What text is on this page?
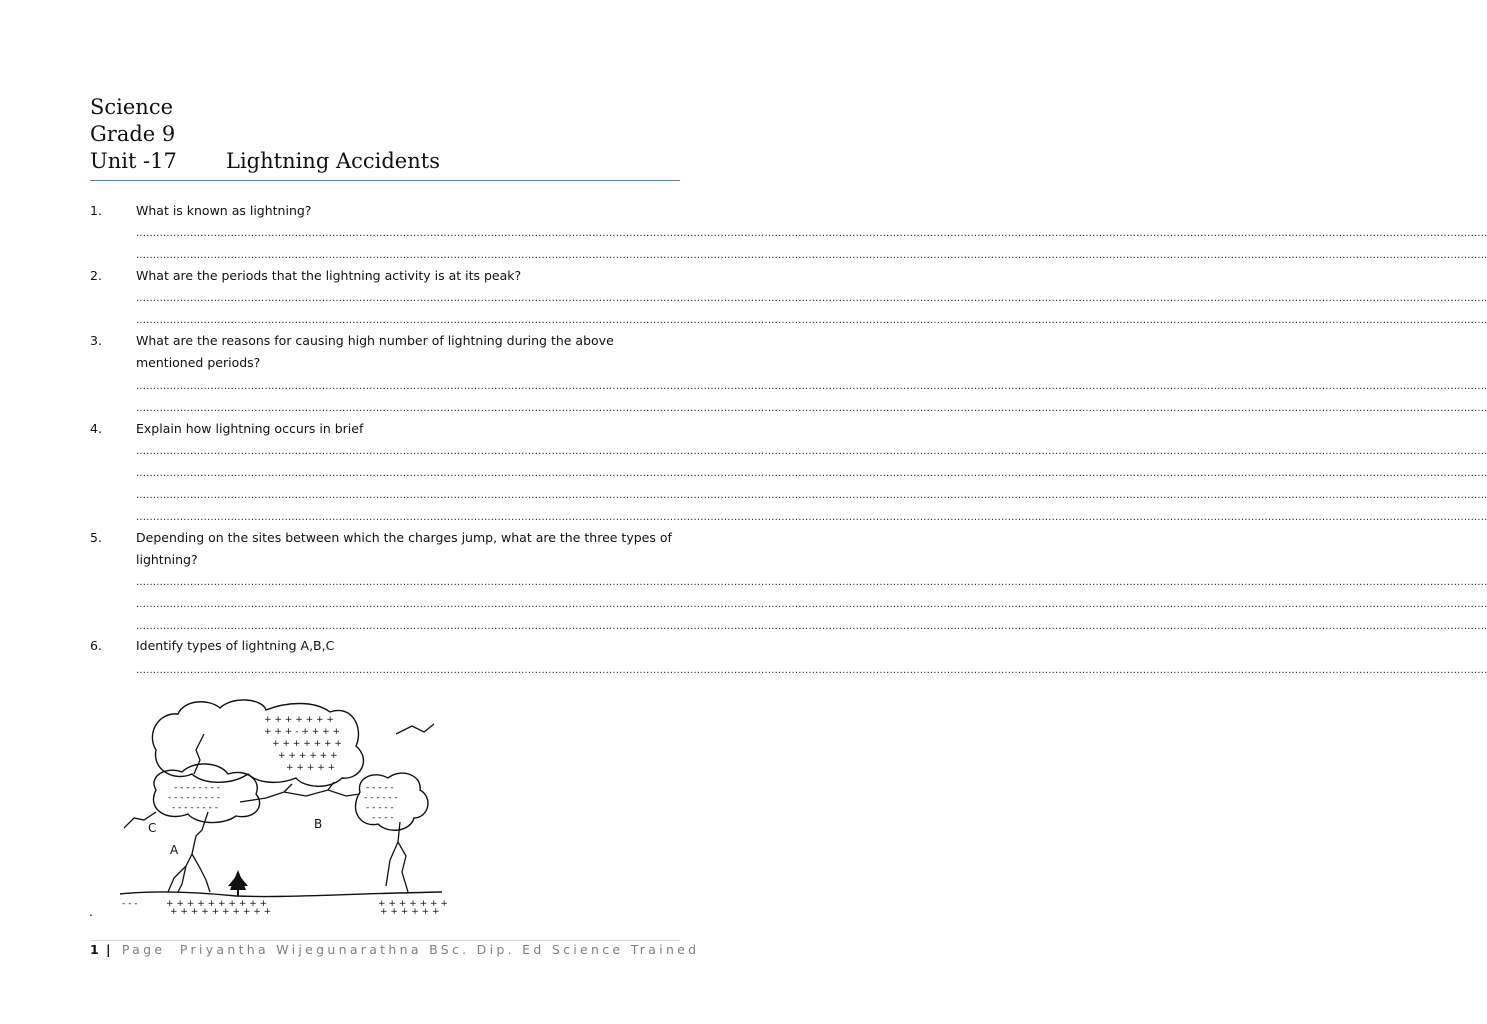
Science
Grade 9
Unit -17 Lightning Accidents
1.	What is known as lightning?
................................................................................................................................................................................................................................................................................................................................................................................................................
................................................................................................................................................................................................................................................................................................................................................................................................................
2.	What are the periods that the lightning activity is at its peak?
................................................................................................................................................................................................................................................................................................................................................................................................................
................................................................................................................................................................................................................................................................................................................................................................................................................
3.	What are the reasons for causing high number of lightning during the above mentioned periods?
................................................................................................................................................................................................................................................................................................................................................................................................................
................................................................................................................................................................................................................................................................................................................................................................................................................
4.	Explain how lightning occurs in brief
................................................................................................................................................................................................................................................................................................................................................................................................................
................................................................................................................................................................................................................................................................................................................................................................................................................
................................................................................................................................................................................................................................................................................................................................................................................................................
................................................................................................................................................................................................................................................................................................................................................................................................................
5.	Depending on the sites between which the charges jump, what are the three types of lightning?
................................................................................................................................................................................................................................................................................................................................................................................................................
................................................................................................................................................................................................................................................................................................................................................................................................................
................................................................................................................................................................................................................................................................................................................................................................................................................
6.	Identify types of lightning A,B,C
................................................................................................................................................................................................................................................................................................................................................................................................................
+ + + + + + +
+ + + - + + + +
+ + + + + + +
+ + + + + +
+ + + + +
- - - - - - - -
- - - - - - - - -
- - - - - - - -
- - - - -
- - - - - -
- - - - -
- - - -
- - -	+ + + + + + + + + +
+ + + + + + + + + +
+ + + + + + +
+ + + + + +
A
B
C
.
1 | Page Priyantha Wijegunarathna BSc. Dip. Ed Science Trained
